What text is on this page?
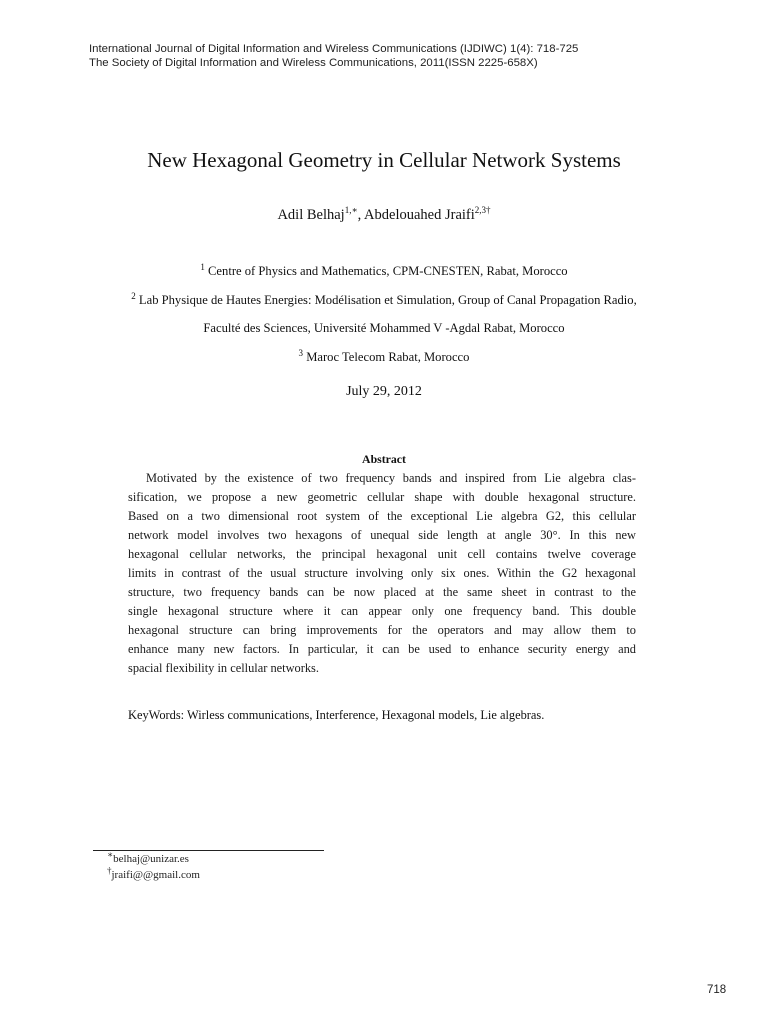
International Journal of Digital Information and Wireless Communications (IJDIWC) 1(4): 718-725
The Society of Digital Information and Wireless Communications, 2011(ISSN 2225-658X)
New Hexagonal Geometry in Cellular Network Systems
Adil Belhaj$^{1,∗}$, Abdelouahed Jraifi$^{2,3\dagger}$
$^1$ Centre of Physics and Mathematics, CPM-CNESTEN, Rabat, Morocco
$^2$ Lab Physique de Hautes Energies: Modélisation et Simulation, Group of Canal Propagation Radio,
Faculté des Sciences, Université Mohammed V -Agdal Rabat, Morocco
$^3$ Maroc Telecom Rabat, Morocco
July 29, 2012
Abstract
Motivated by the existence of two frequency bands and inspired from Lie algebra clas-
sification, we propose a new geometric cellular shape with double hexagonal structure.
Based on a two dimensional root system of the exceptional Lie algebra G2, this cellular
network model involves two hexagons of unequal side length at angle 30°. In this new
hexagonal cellular networks, the principal hexagonal unit cell contains twelve coverage
limits in contrast of the usual structure involving only six ones. Within the G2 hexagonal
structure, two frequency bands can be now placed at the same sheet in contrast to the
single hexagonal structure where it can appear only one frequency band. This double
hexagonal structure can bring improvements for the operators and may allow them to
enhance many new factors. In particular, it can be used to enhance security energy and
spacial flexibility in cellular networks.
KeyWords: Wirless communications, Interference, Hexagonal models, Lie algebras.
∗belhaj@unizar.es
†jraifi@@gmail.com
718
